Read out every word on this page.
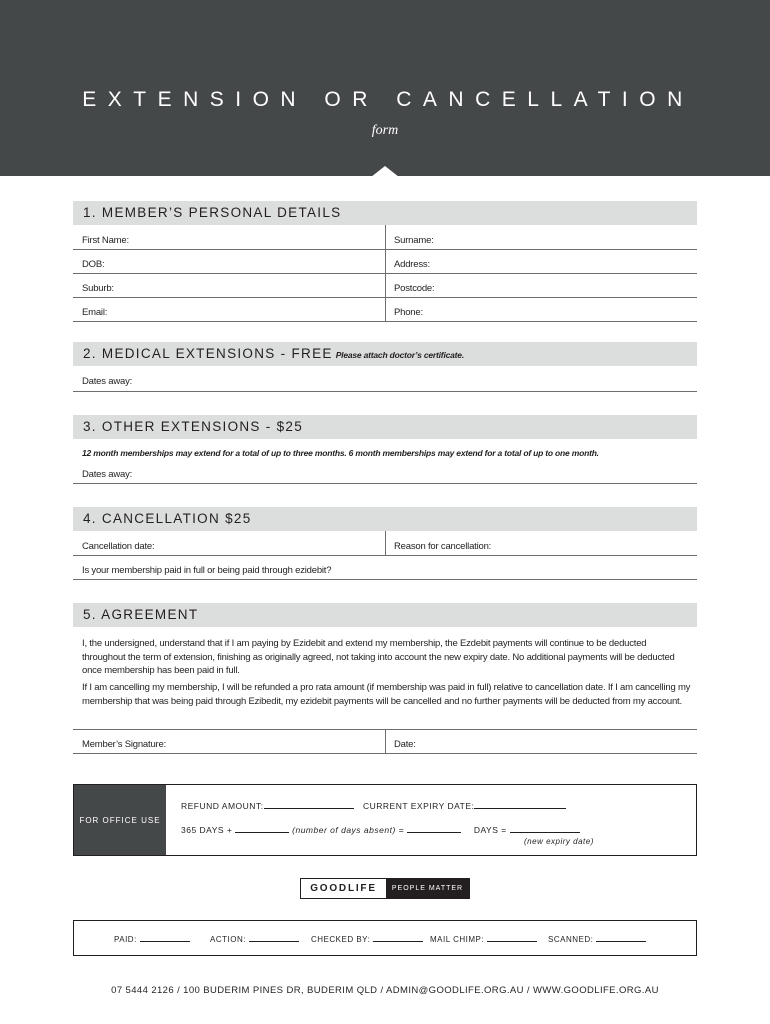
EXTENSION OR CANCELLATION
form
1. MEMBER’S PERSONAL DETAILS
First Name:	Surname:
DOB:	Address:
Suburb:	Postcode:
Email:	Phone:
2. MEDICAL EXTENSIONS - FREE Please attach doctor’s certificate.
Dates away:
3. OTHER EXTENSIONS - $25
12 month memberships may extend for a total of up to three months. 6 month memberships may extend for a total of up to one month.
Dates away:
4. CANCELLATION $25
Cancellation date:	Reason for cancellation:
Is your membership paid in full or being paid through ezidebit?
5. AGREEMENT
I, the undersigned, understand that if I am paying by Ezidebit and extend my membership, the Ezdebit payments will continue to be deducted throughout the term of extension, finishing as originally agreed, not taking into account the new expiry date. No additional payments will be deducted once membership has been paid in full.
If I am cancelling my membership, I will be refunded a pro rata amount (if membership was paid in full) relative to cancellation date. If I am cancelling my membership that was being paid through Ezibedit, my ezidebit payments will be cancelled and no further payments will be deducted from my account.
Member’s Signature:	Date:
FOR OFFICE USE
REFUND AMOUNT:	CURRENT EXPIRY DATE:
365 DAYS +	(number of days absent) =	DAYS =
(new expiry date)
GOODLIFE	PEOPLE MATTER
PAID:	ACTION:	CHECKED BY:	MAIL CHIMP:	SCANNED:
07 5444 2126 / 100 BUDERIM PINES DR, BUDERIM QLD / ADMIN@GOODLIFE.ORG.AU / WWW.GOODLIFE.ORG.AU
